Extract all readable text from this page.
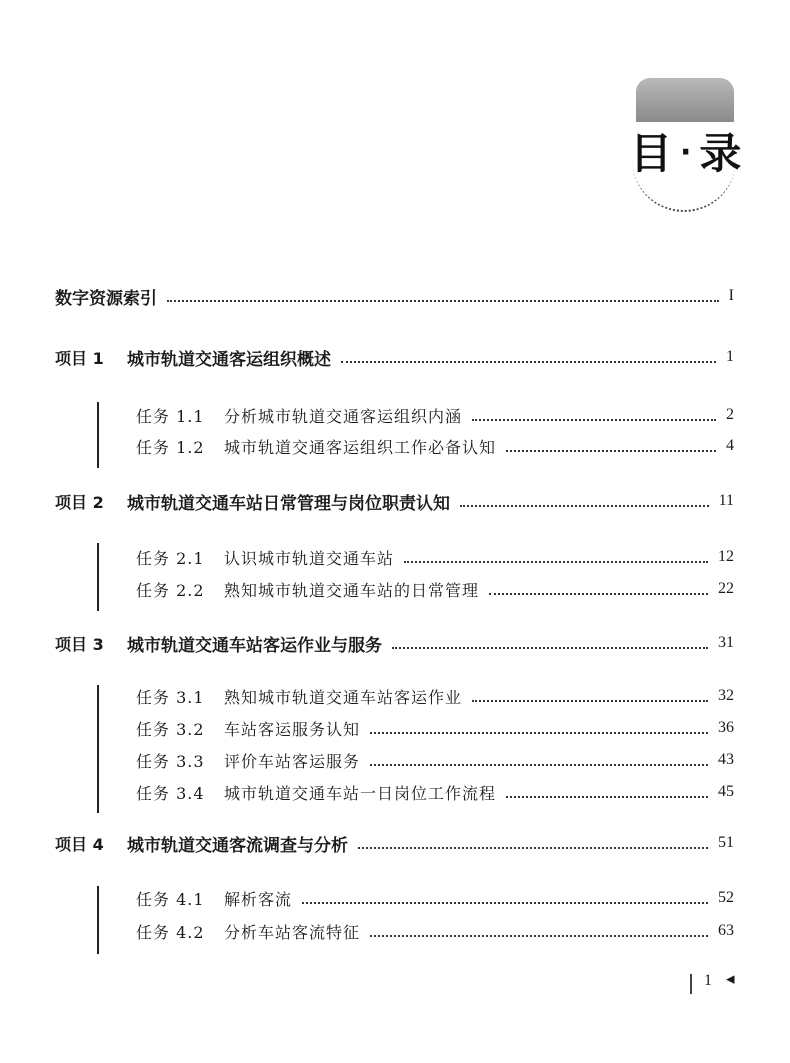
目 · 录
数字资源索引	I
项目 1	城市轨道交通客运组织概述	1
任务 1.1	分析城市轨道交通客运组织内涵	2
任务 1.2	城市轨道交通客运组织工作必备认知	4
项目 2	城市轨道交通车站日常管理与岗位职责认知	11
任务 2.1	认识城市轨道交通车站	12
任务 2.2	熟知城市轨道交通车站的日常管理	22
项目 3	城市轨道交通车站客运作业与服务	31
任务 3.1	熟知城市轨道交通车站客运作业	32
任务 3.2	车站客运服务认知	36
任务 3.3	评价车站客运服务	43
任务 3.4	城市轨道交通车站一日岗位工作流程	45
项目 4	城市轨道交通客流调查与分析	51
任务 4.1	解析客流	52
任务 4.2	分析车站客流特征	63
1 ◂
